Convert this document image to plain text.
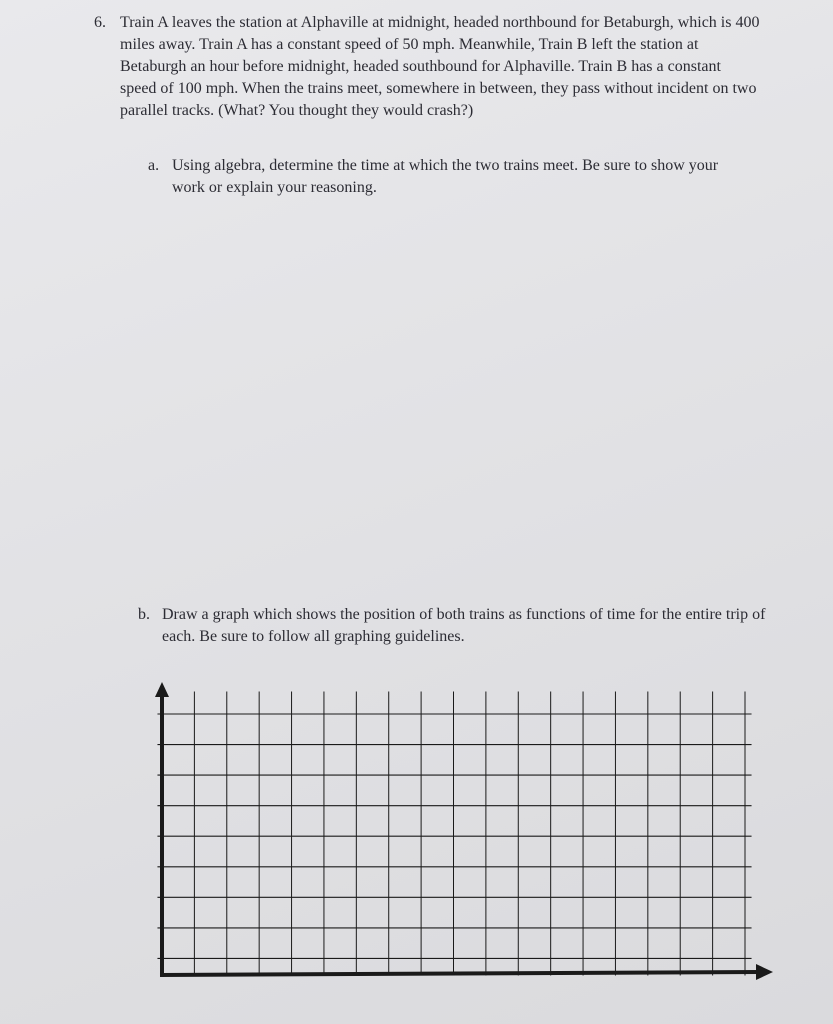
6. Train A leaves the station at Alphaville at midnight, headed northbound for Betaburgh, which is 400 miles away. Train A has a constant speed of 50 mph. Meanwhile, Train B left the station at Betaburgh an hour before midnight, headed southbound for Alphaville. Train B has a constant speed of 100 mph. When the trains meet, somewhere in between, they pass without incident on two parallel tracks. (What? You thought they would crash?)
a. Using algebra, determine the time at which the two trains meet. Be sure to show your work or explain your reasoning.
b. Draw a graph which shows the position of both trains as functions of time for the entire trip of each. Be sure to follow all graphing guidelines.
